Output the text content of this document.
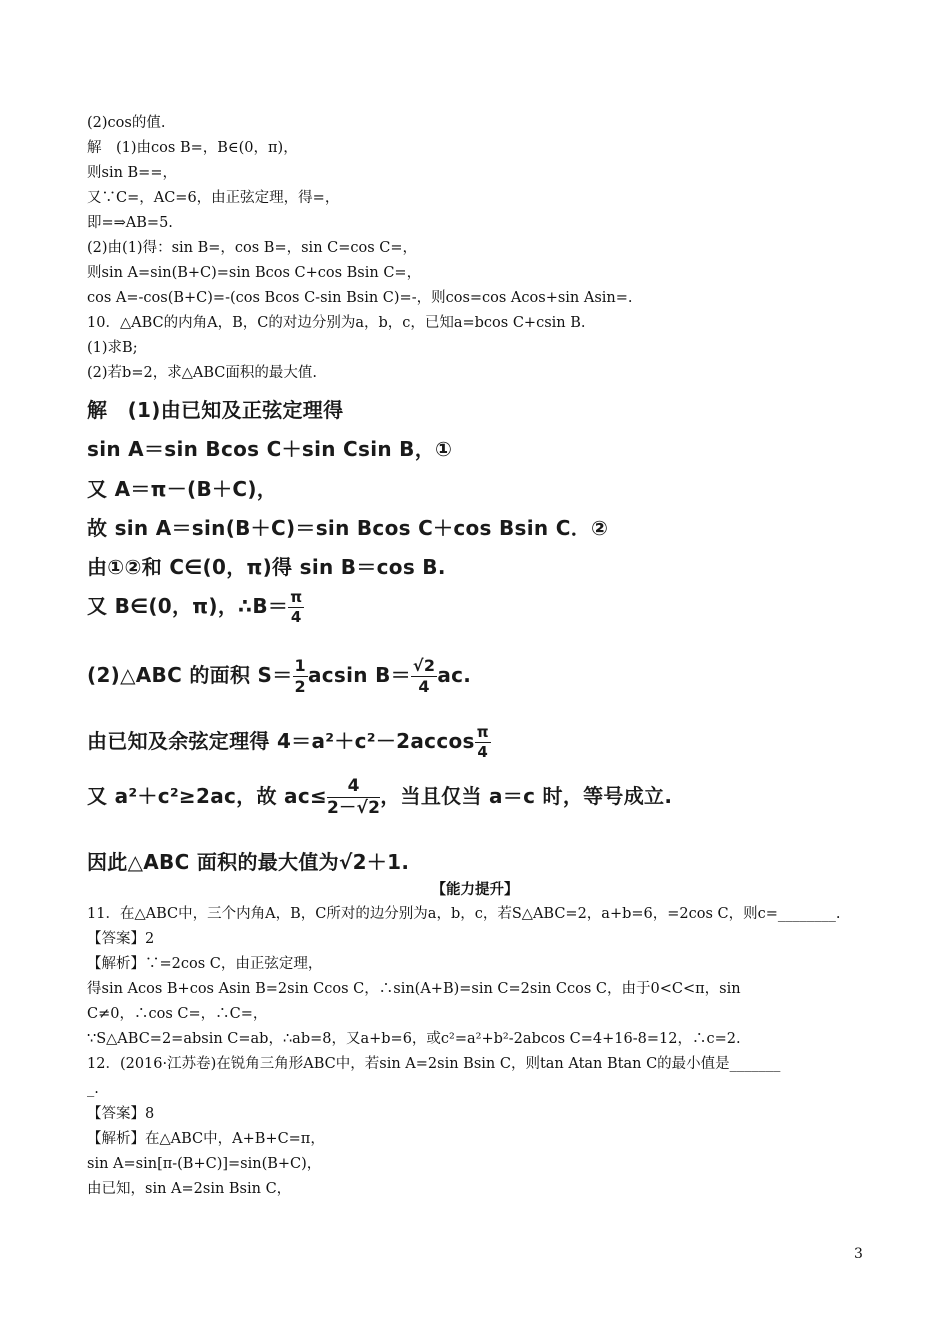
(2)cos的值.
解　(1)由cos B=，B∈(0，π)，
则sin B==，
又∵C=，AC=6，由正弦定理，得=，
即=⇒AB=5.
(2)由(1)得：sin B=，cos B=，sin C=cos C=，
则sin A=sin(B+C)=sin Bcos C+cos Bsin C=，
cos A=-cos(B+C)=-(cos Bcos C-sin Bsin C)=-，则cos=cos Acos+sin Asin=.
10．△ABC的内角A，B，C的对边分别为a，b，c，已知a=bcos C+csin B.
(1)求B;
(2)若b=2，求△ABC面积的最大值.
解　(1)由已知及正弦定理得
sin A＝sin Bcos C＋sin Csin B，①
又 A＝π－(B＋C)，
故 sin A＝sin(B＋C)＝sin Bcos C＋cos Bsin C．②
由①②和 C∈(0，π)得 sin B＝cos B.
又 B∈(0，π)，∴B＝ $\frac{\pi}{4}$
(2)△ABC 的面积 $S= \frac{1}{2}$ acsin $B= \frac{√2}{4}$ ac.
由已知及余弦定理得 $4=a^2+c^2-2accos \frac{\pi}{4}$
又 a²＋c²≥2ac，故 $ac\le \frac{4}{2-√2}$ ，当且仅当 a＝c 时，等号成立.
因此△ABC 面积的最大值为√2＋1.
【能力提升】
11．在△ABC中，三个内角A，B，C所对的边分别为a，b，c，若S△ABC=2，a+b=6，=2cos C，则c=________.
【答案】2
【解析】∵=2cos C，由正弦定理，
得sin Acos B+cos Asin B=2sin Ccos C，∴sin(A+B)=sin C=2sin Ccos C，由于0<C<π，sin
C≠0，∴cos C=，∴C=，
∵S△ABC=2=absin C=ab，∴ab=8，又a+b=6，或c²=a²+b²-2abcos C=4+16-8=12，∴c=2.
12．(2016·江苏卷)在锐角三角形ABC中，若sin A=2sin Bsin C，则tan Atan Btan C的最小值是_______
_.
【答案】8
【解析】在△ABC中，A+B+C=π，
sin A=sin[π-(B+C)]=sin(B+C)，
由已知，sin A=2sin Bsin C，
3
